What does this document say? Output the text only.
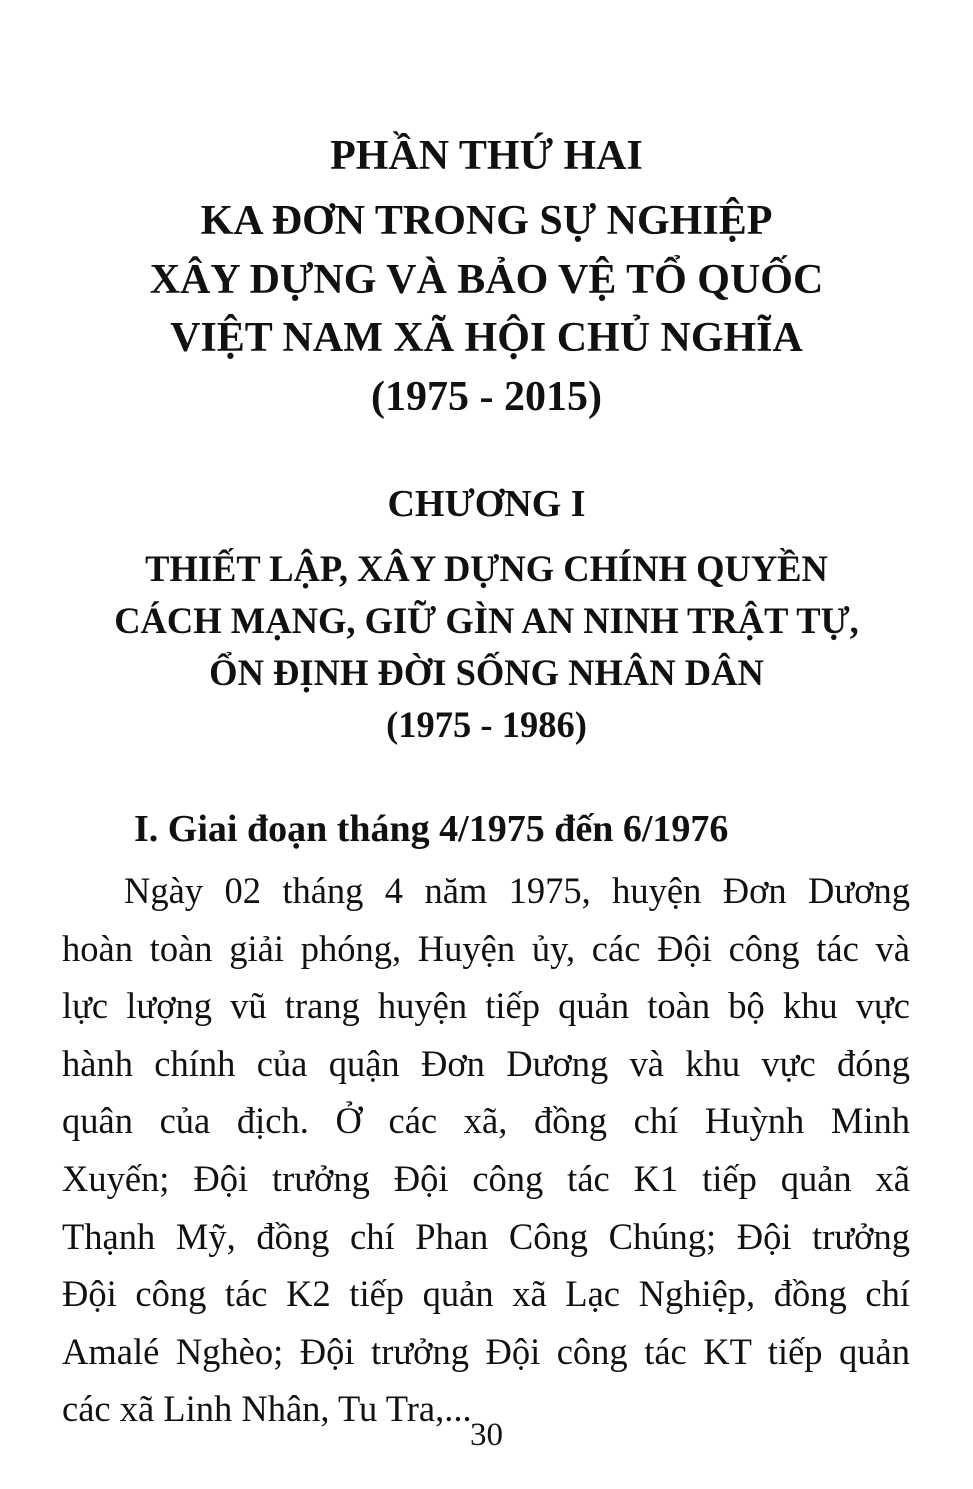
PHẦN THỨ HAI
KA ĐƠN TRONG SỰ NGHIỆP
XÂY DỰNG VÀ BẢO VỆ TỔ QUỐC
VIỆT NAM XÃ HỘI CHỦ NGHĨA
(1975 - 2015)
CHƯƠNG I
THIẾT LẬP, XÂY DỰNG CHÍNH QUYỀN
CÁCH MẠNG, GIỮ GÌN AN NINH TRẬT TỰ,
ỔN ĐỊNH ĐỜI SỐNG NHÂN DÂN
(1975 - 1986)
I. Giai đoạn tháng 4/1975 đến 6/1976
Ngày 02 tháng 4 năm 1975, huyện Đơn Dương
hoàn toàn giải phóng, Huyện ủy, các Đội công tác và
lực lượng vũ trang huyện tiếp quản toàn bộ khu vực
hành chính của quận Đơn Dương và khu vực đóng
quân của địch. Ở các xã, đồng chí Huỳnh Minh
Xuyến; Đội trưởng Đội công tác K1 tiếp quản xã
Thạnh Mỹ, đồng chí Phan Công Chúng; Đội trưởng
Đội công tác K2 tiếp quản xã Lạc Nghiệp, đồng chí
Amalé Nghèo; Đội trưởng Đội công tác KT tiếp quản
các xã Linh Nhân, Tu Tra,...
30
